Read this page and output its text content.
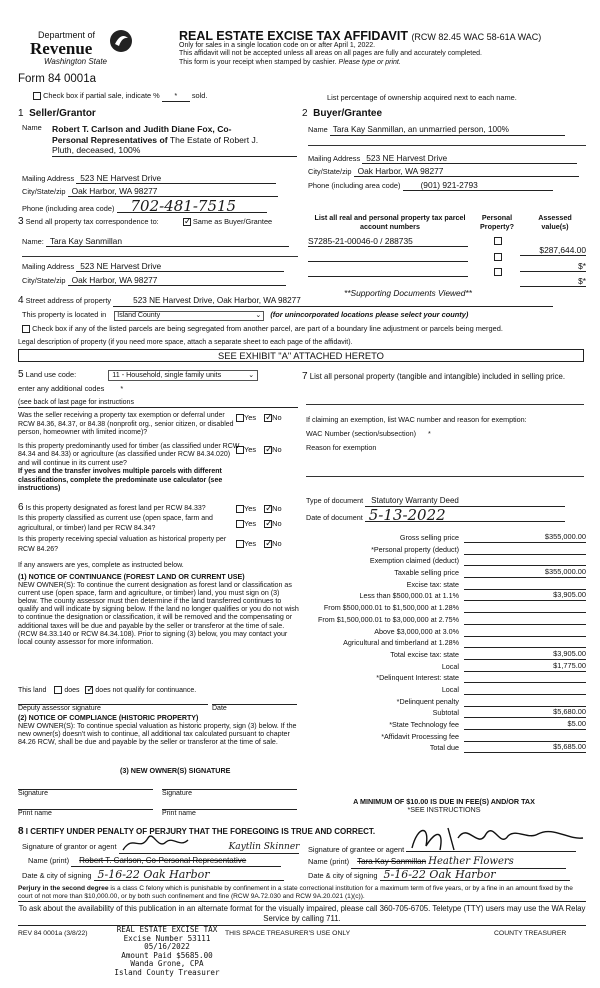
Department of
Revenue
Washington State
Form 84 0001a
REAL ESTATE EXCISE TAX AFFIDAVIT (RCW 82.45 WAC 58-61A WAC)
Only for sales in a single location code on or after April 1, 2022.
This affidavit will not be accepted unless all areas on all pages are fully and accurately completed.
This form is your receipt when stamped by cashier. Please type or print.
Check box if partial sale, indicate % * sold.	List percentage of ownership acquired next to each name.
1 Seller/Grantor
Name Robert T. Carlson and Judith Diane Fox, Co-
Personal Representatives of The Estate of Robert J.
Pluth, deceased, 100%
Mailing Address 523 NE Harvest Drive
City/State/zip Oak Harbor, WA 98277
Phone (including area code) 702-481-7515
2 Buyer/Grantee
Name Tara Kay Sanmillan, an unmarried person, 100%
Mailing Address 523 NE Harvest Drive
City/State/zip Oak Harbor, WA 98277
Phone (including area code) (901) 921-2793
3 Send all property tax correspondence to: ✓	Same as Buyer/Grantee
Name: Tara Kay Sanmillan
Mailing Address 523 NE Harvest Drive
City/State/zip Oak Harbor, WA 98277
List all real and personal property tax parcel account numbers
Personal Property?
Assessed value(s)
S7285-21-00046-0 / 288735
$287,644.00
$*
$*
**Supporting Documents Viewed**
4 Street address of property	523 NE Harvest Drive, Oak Harbor, WA 98277
This property is located in Island County	⌄ (for unincorporated locations please select your county)
Check box if any of the listed parcels are being segregated from another parcel, are part of a boundary line adjustment or parcels being merged.
Legal description of property (if you need more space, attach a separate sheet to each page of the affidavit).
SEE EXHIBIT "A" ATTACHED HERETO
5 Land use code:	11 - Household, single family units	⌄
enter any additional codes *
(see back of last page for instructions
Was the seller receiving a property tax exemption or deferral under RCW 84.36, 84.37, or 84.38 (nonprofit org., senior citizen, or disabled person, homeowner with limited income)?
Yes ✓ No
Is this property predominantly used for timber (as classified under RCW 84.34 and 84.33) or agriculture (as classified under RCW 84.34.020) and will continue in its current use?
If yes and the transfer involves multiple parcels with different classifications, complete the predominate use calculator (see instructions)
Yes ✓ No
6 Is this property designated as forest land per RCW 84.33?
Is this property classified as current use (open space, farm and agricultural, or timber) land per RCW 84.34?
Is this property receiving special valuation as historical property per RCW 84.26?
Yes ✓ No
Yes ✓ No
Yes ✓ No
If any answers are yes, complete as instructed below.
(1) NOTICE OF CONTINUANCE (FOREST LAND OR CURRENT USE)
NEW OWNER(S): To continue the current designation as forest land or classification as current use (open space, farm and agriculture, or timber) land, you must sign on (3) below. The county assessor must then determine if the land transferred continues to qualify and will indicate by signing below. If the land no longer qualifies or you do not wish to continue the designation or classification, it will be removed and the compensating or additional taxes will be due and payable by the seller or transferor at the time of sale. (RCW 84.33.140 or RCW 84.34.108). Prior to signing (3) below, you may contact your local county assessor for more information.
This land	does ✓ does not qualify for continuance.
Deputy assessor signature	Date
(2) NOTICE OF COMPLIANCE (HISTORIC PROPERTY)
NEW OWNER(S): To continue special valuation as historic property, sign (3) below. If the new owner(s) doesn't wish to continue, all additional tax calculated pursuant to chapter 84.26 RCW, shall be due and payable by the seller or transferor at the time of sale.
(3) NEW OWNER(S) SIGNATURE
Signature	Signature
Print name	Print name
7 List all personal property (tangible and intangible) included in selling price.
If claiming an exemption, list WAC number and reason for exemption:
WAC Number (section/subsection) *
Reason for exemption
Type of document Statutory Warranty Deed
Date of document 5-13-2022
Gross selling price	$355,000.00
*Personal property (deduct)
Exemption claimed (deduct)
Taxable selling price	$355,000.00
Excise tax: state
Less than $500,000.01 at 1.1%	$3,905.00
From $500,000.01 to $1,500,000 at 1.28%
From $1,500,000.01 to $3,000,000 at 2.75%
Above $3,000,000 at 3.0%
Agricultural and timberland at 1.28%
Total excise tax: state	$3,905.00
Local	$1,775.00
*Delinquent Interest: state
Local
*Delinquent penalty
Subtotal	$5,680.00
*State Technology fee	$5.00
*Affidavit Processing fee
Total due	$5,685.00
A MINIMUM OF $10.00 IS DUE IN FEE(S) AND/OR TAX
*SEE INSTRUCTIONS
8 I CERTIFY UNDER PENALTY OF PERJURY THAT THE FOREGOING IS TRUE AND CORRECT.
Signature of grantor or agent	Kaytlin Skinner Signature of grantee or agent
Name (print) Robert T. Carlson, Co-Personal Representative	Name (print) Tara Kay Sanmillan Heather Flowers
Date & city of signing 5-16-22 Oak Harbor	Date & city of signing 5-16-22 Oak Harbor
Perjury in the second degree is a class C felony which is punishable by confinement in a state correctional institution for a maximum term of five years, or by a fine in an amount fixed by the court of not more than $10,000.00, or by both such confinement and fine (RCW 9A.72.030 and RCW 9A.20.021 (1)(c)).
To ask about the availability of this publication in an alternate format for the visually impaired, please call 360-705-6705. Teletype (TTY) users may use the WA Relay Service by calling 711.
REV 84 0001a (3/8/22)	THIS SPACE TREASURER'S USE ONLY	COUNTY TREASURER
REAL ESTATE EXCISE TAX
Excise Number 53111
05/16/2022
Amount Paid $5685.00
Wanda Grone, CPA
Island County Treasurer
